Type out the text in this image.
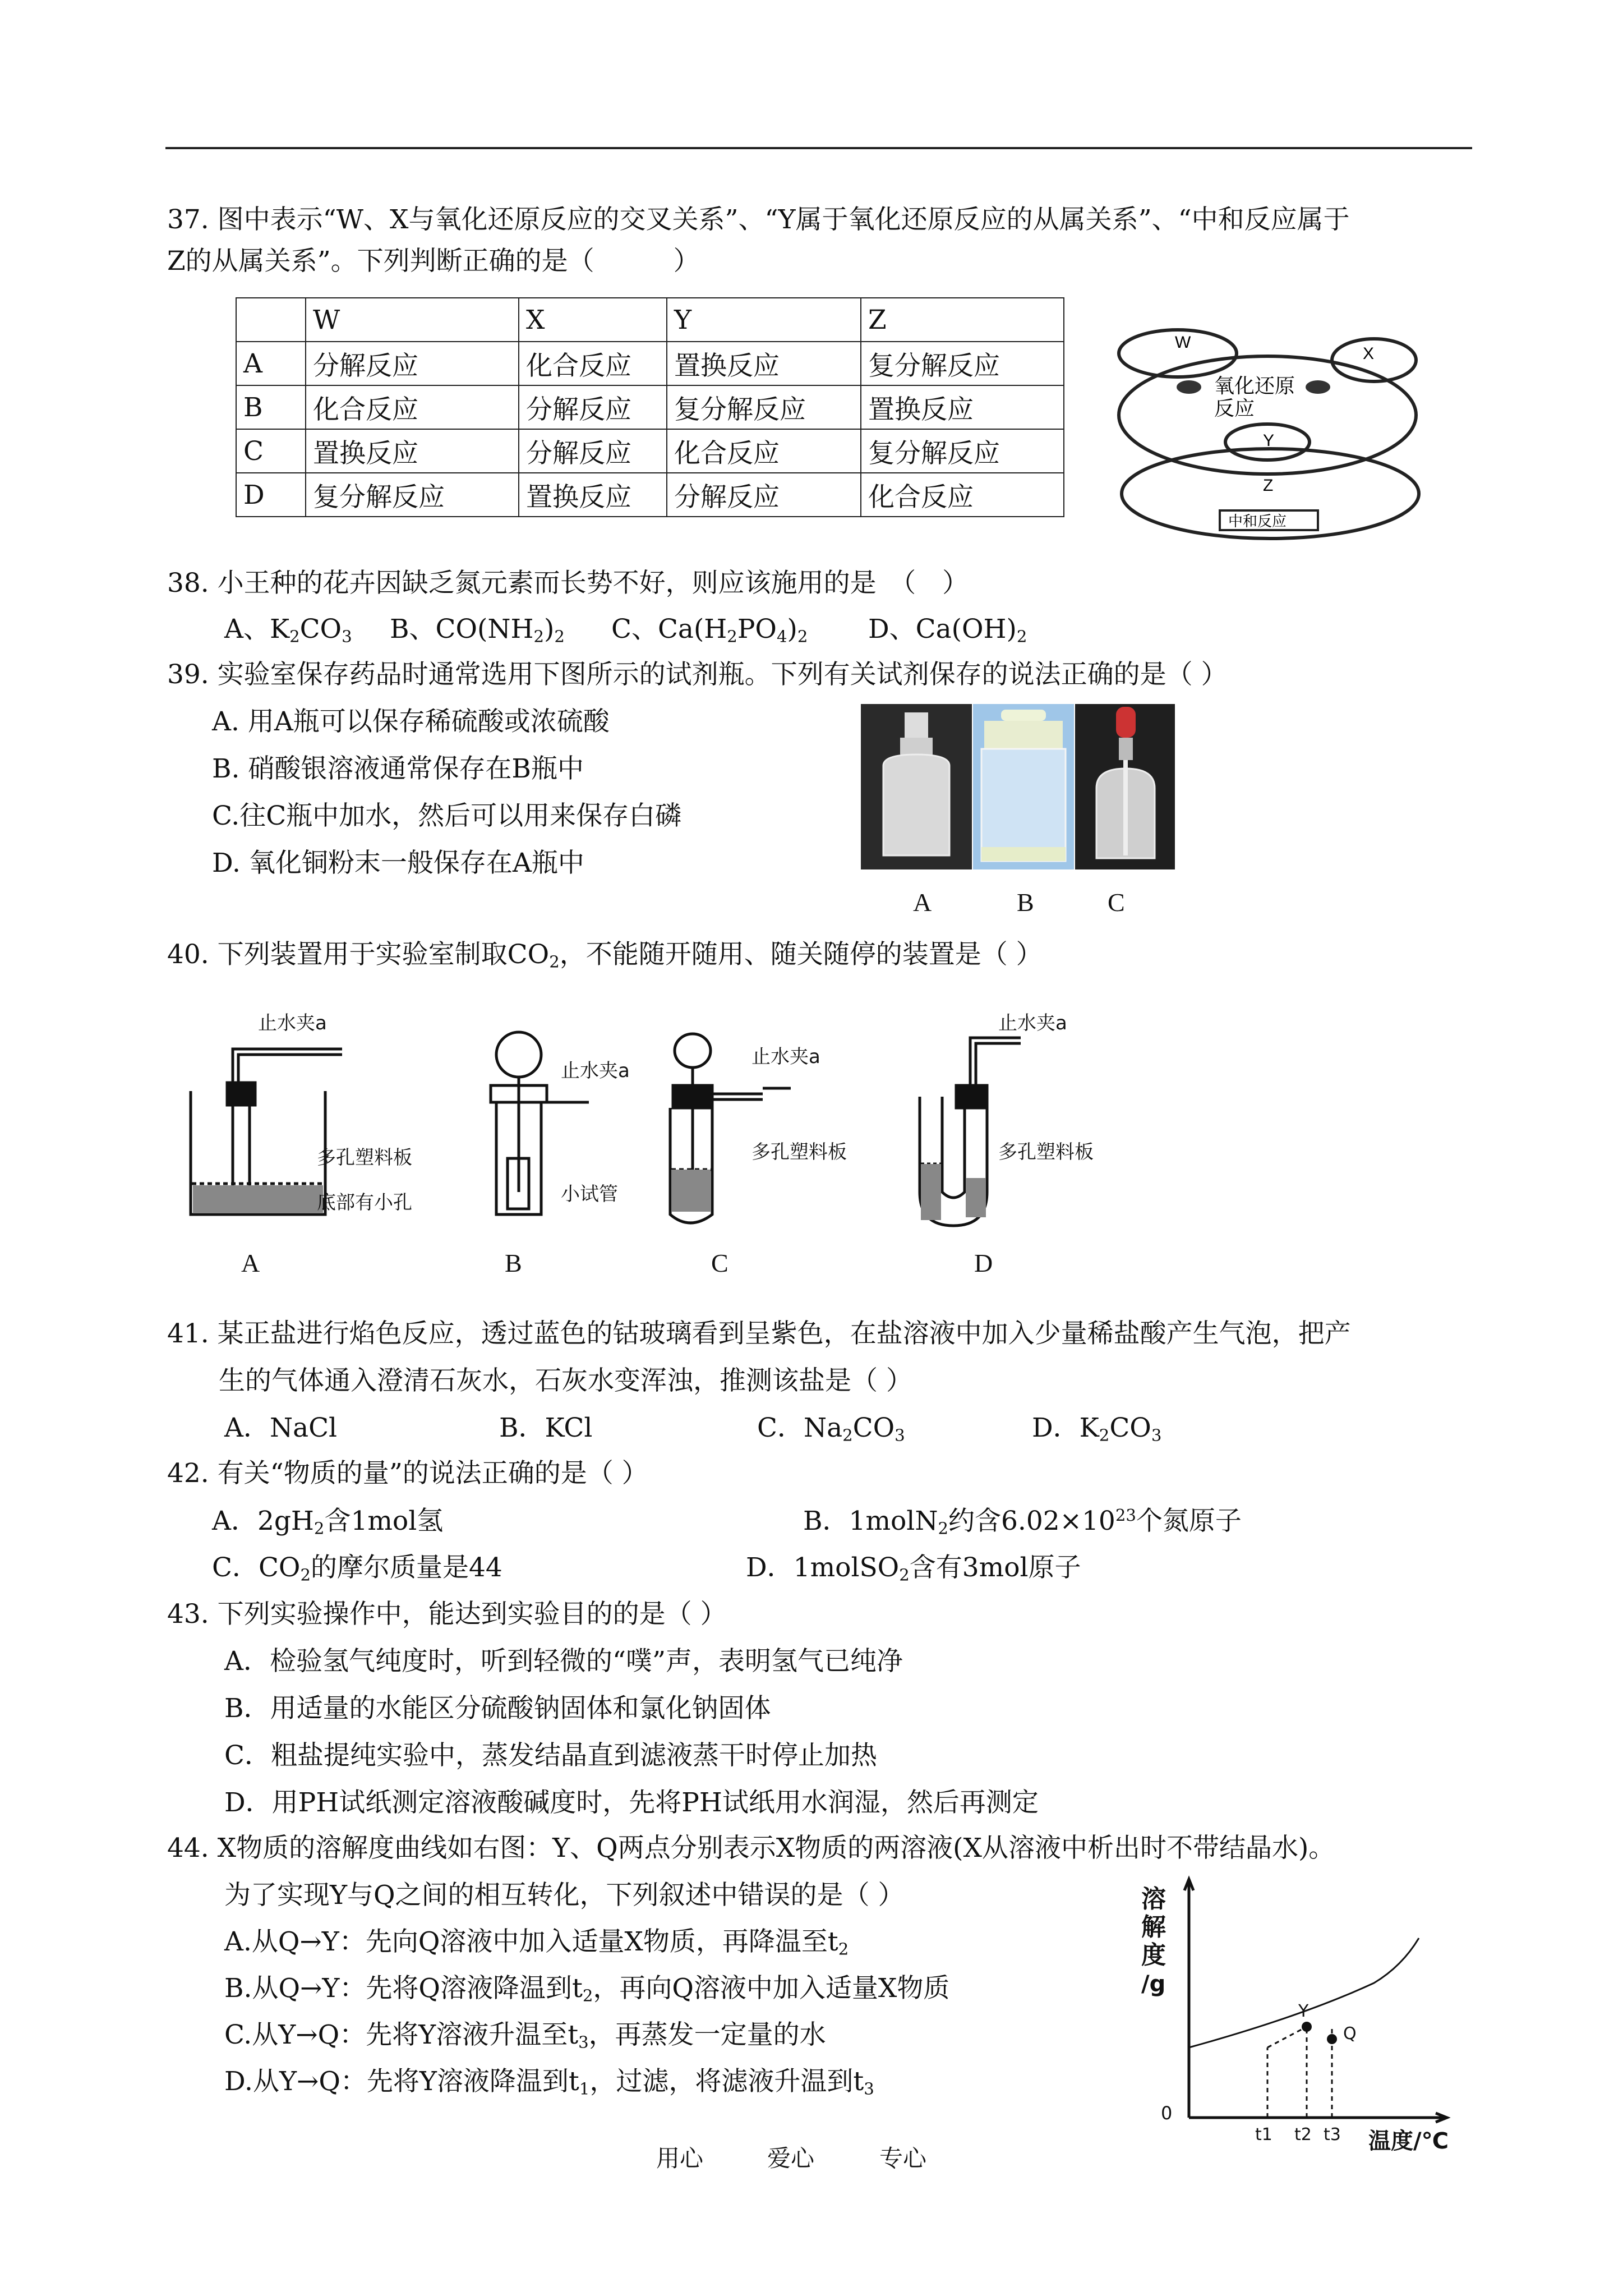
37. 图中表示“W、X与氧化还原反应的交叉关系”、“Y属于氧化还原反应的从属关系”、“中和反应属于
Z的从属关系”。下列判断正确的是（　　　）
	W	X	Y	Z
A	分解反应	化合反应	置换反应	复分解反应
B	化合反应	分解反应	复分解反应	置换反应
C	置换反应	分解反应	化合反应	复分解反应
D	复分解反应	置换反应	分解反应	化合反应
W
X
氧化还原
反应
Y
Z
中和反应
38. 小王种的花卉因缺乏氮元素而长势不好，则应该施用的是　（　）
A、$K_2CO_3$ B、$CO(NH_2)_2$ C、$Ca(H_2PO_4)_2$ D、$Ca(OH)_2$
39. 实验室保存药品时通常选用下图所示的试剂瓶。下列有关试剂保存的说法正确的是（ ）
A. 用A瓶可以保存稀硫酸或浓硫酸
B. 硝酸银溶液通常保存在B瓶中
C.往C瓶中加水，然后可以用来保存白磷
D. 氧化铜粉末一般保存在A瓶中
A	B	C
40. 下列装置用于实验室制取$CO_2$，不能随开随用、随关随停的装置是（ ）
止水夹a
多孔塑料板
底部有小孔
止水夹a
小试管
止水夹a
多孔塑料板
止水夹a
多孔塑料板
A	B	C	D
41. 某正盐进行焰色反应，透过蓝色的钴玻璃看到呈紫色，在盐溶液中加入少量稀盐酸产生气泡，把产
生的气体通入澄清石灰水，石灰水变浑浊，推测该盐是（ ）
A．NaCl	B．KCl	C．$Na_2CO_3$	D．$K_2CO_3$
42. 有关“物质的量”的说法正确的是（ ）
A．$2gH_2$含1mol氢	B．1molN$_2$约含$6.02\times 10^{23}$个氮原子
C．$CO_2$的摩尔质量是44	D．1molSO$_2$含有3mol原子
43. 下列实验操作中，能达到实验目的的是（ ）
A．检验氢气纯度时，听到轻微的“噗”声，表明氢气已纯净
B．用适量的水能区分硫酸钠固体和氯化钠固体
C．粗盐提纯实验中，蒸发结晶直到滤液蒸干时停止加热
D．用PH试纸测定溶液酸碱度时，先将PH试纸用水润湿，然后再测定
44. X物质的溶解度曲线如右图：Y、Q两点分别表示X物质的两溶液(X从溶液中析出时不带结晶水)。
为了实现Y与Q之间的相互转化，下列叙述中错误的是（ ）
A.从Q→Y：先向Q溶液中加入适量X物质，再降温至$t_2$
B.从Q→Y：先将Q溶液降温到$t_2$，再向Q溶液中加入适量X物质
C.从Y→Q：先将Y溶液升温至$t_3$，再蒸发一定量的水
D.从Y→Q：先将Y溶液降温到$t_1$，过滤，将滤液升温到$t_3$
溶
解
度
/g
0
t1 t2 t3 温度/℃
Y
Q
用心	爱心	专心
